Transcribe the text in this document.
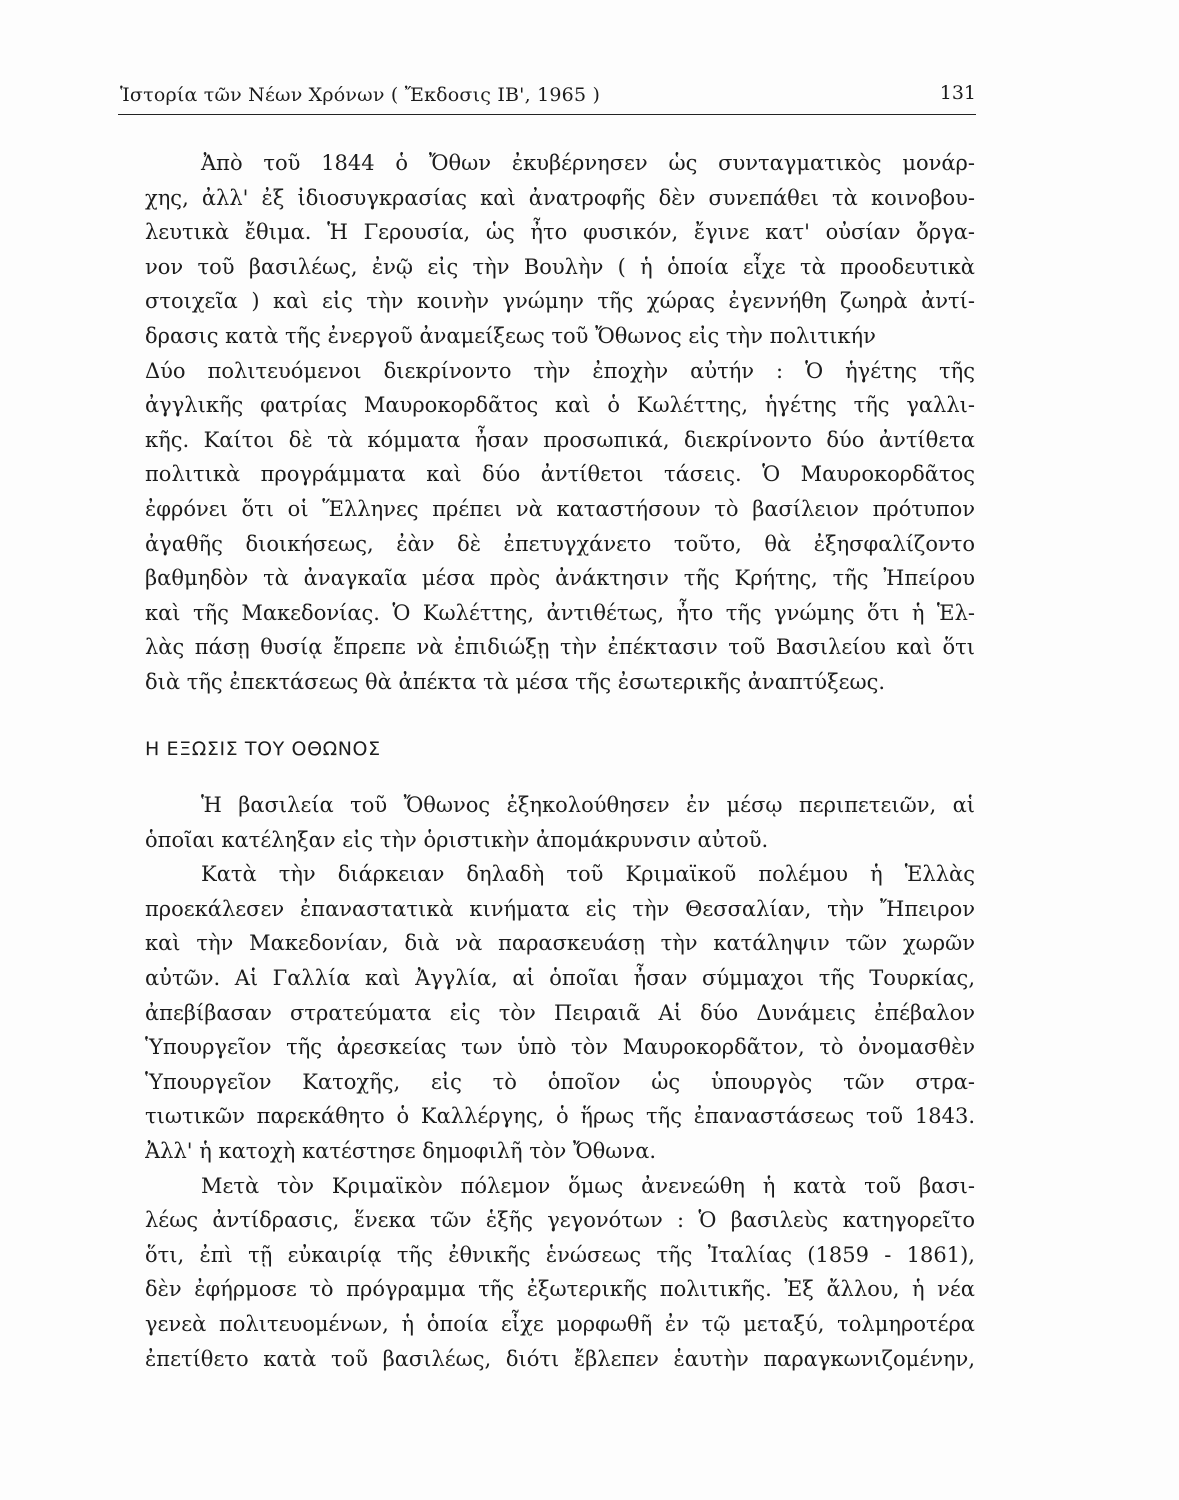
Ἱστορία τῶν Νέων Χρόνων ( Ἔκδοσις ΙΒ', 1965 )	131
Ἀπὸ τοῦ 1844 ὁ Ὄθων ἐκυβέρνησεν ὡς συνταγματικὸς μονάρ-
χης, ἀλλ' ἐξ ἰδιοσυγκρασίας καὶ ἀνατροφῆς δὲν συνεπάθει τὰ κοινοβου-
λευτικὰ ἔθιμα. Ἡ Γερουσία, ὡς ἦτο φυσικόν, ἔγινε κατ' οὐσίαν ὄργα-
νον τοῦ βασιλέως, ἐνῷ εἰς τὴν Βουλὴν ( ἡ ὁποία εἶχε τὰ προοδευτικὰ
στοιχεῖα ) καὶ εἰς τὴν κοινὴν γνώμην τῆς χώρας ἐγεννήθη ζωηρὰ ἀντί-
δρασις κατὰ τῆς ἐνεργοῦ ἀναμείξεως τοῦ Ὄθωνος εἰς τὴν πολιτικήν
Δύο πολιτευόμενοι διεκρίνοντο τὴν ἐποχὴν αὐτήν : Ὁ ἡγέτης τῆς
ἀγγλικῆς φατρίας Μαυροκορδᾶτος καὶ ὁ Κωλέττης, ἡγέτης τῆς γαλλι-
κῆς. Καίτοι δὲ τὰ κόμματα ἦσαν προσωπικά, διεκρίνοντο δύο ἀντίθετα
πολιτικὰ προγράμματα καὶ δύο ἀντίθετοι τάσεις. Ὁ Μαυροκορδᾶτος
ἐφρόνει ὅτι οἱ Ἕλληνες πρέπει νὰ καταστήσουν τὸ βασίλειον πρότυπον
ἀγαθῆς διοικήσεως, ἐὰν δὲ ἐπετυγχάνετο τοῦτο, θὰ ἐξησφαλίζοντο
βαθμηδὸν τὰ ἀναγκαῖα μέσα πρὸς ἀνάκτησιν τῆς Κρήτης, τῆς Ἠπείρου
καὶ τῆς Μακεδονίας. Ὁ Κωλέττης, ἀντιθέτως, ἦτο τῆς γνώμης ὅτι ἡ Ἑλ-
λὰς πάσῃ θυσίᾳ ἔπρεπε νὰ ἐπιδιώξῃ τὴν ἐπέκτασιν τοῦ Βασιλείου καὶ ὅτι
διὰ τῆς ἐπεκτάσεως θὰ ἀπέκτα τὰ μέσα τῆς ἐσωτερικῆς ἀναπτύξεως.
Η ΕΞΩΣΙΣ ΤΟΥ ΟΘΩΝΟΣ
Ἡ βασιλεία τοῦ Ὄθωνος ἐξηκολούθησεν ἐν μέσῳ περιπετειῶν, αἱ
ὁποῖαι κατέληξαν εἰς τὴν ὁριστικὴν ἀπομάκρυνσιν αὐτοῦ.
Κατὰ τὴν διάρκειαν δηλαδὴ τοῦ Κριμαϊκοῦ πολέμου ἡ Ἑλλὰς
προεκάλεσεν ἐπαναστατικὰ κινήματα εἰς τὴν Θεσσαλίαν, τὴν Ἤπειρον
καὶ τὴν Μακεδονίαν, διὰ νὰ παρασκευάσῃ τὴν κατάληψιν τῶν χωρῶν
αὐτῶν. Αἱ Γαλλία καὶ Ἀγγλία, αἱ ὁποῖαι ἦσαν σύμμαχοι τῆς Τουρκίας,
ἀπεβίβασαν στρατεύματα εἰς τὸν Πειραιᾶ Αἱ δύο Δυνάμεις ἐπέβαλον
Ὑπουργεῖον τῆς ἀρεσκείας των ὑπὸ τὸν Μαυροκορδᾶτον, τὸ ὀνομασθὲν
Ὑπουργεῖον Κατοχῆς, εἰς τὸ ὁποῖον ὡς ὑπουργὸς τῶν στρα-
τιωτικῶν παρεκάθητο ὁ Καλλέργης, ὁ ἥρως τῆς ἐπαναστάσεως τοῦ 1843.
Ἀλλ' ἡ κατοχὴ κατέστησε δημοφιλῆ τὸν Ὄθωνα.
Μετὰ τὸν Κριμαϊκὸν πόλεμον ὅμως ἀνενεώθη ἡ κατὰ τοῦ βασι-
λέως ἀντίδρασις, ἕνεκα τῶν ἑξῆς γεγονότων : Ὁ βασιλεὺς κατηγορεῖτο
ὅτι, ἐπὶ τῇ εὐκαιρίᾳ τῆς ἐθνικῆς ἑνώσεως τῆς Ἰταλίας (1859 - 1861),
δὲν ἐφήρμοσε τὸ πρόγραμμα τῆς ἐξωτερικῆς πολιτικῆς. Ἐξ ἄλλου, ἡ νέα
γενεὰ πολιτευομένων, ἡ ὁποία εἶχε μορφωθῆ ἐν τῷ μεταξύ, τολμηροτέρα
ἐπετίθετο κατὰ τοῦ βασιλέως, διότι ἔβλεπεν ἑαυτὴν παραγκωνιζομένην,
